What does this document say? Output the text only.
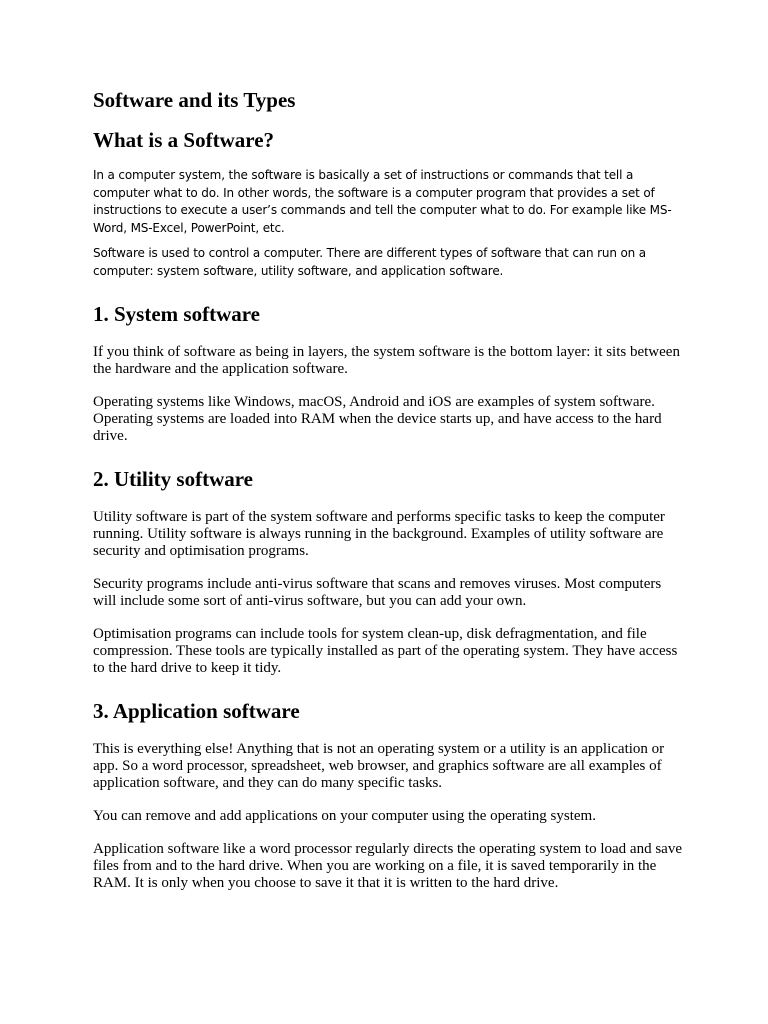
Software and its Types
What is a Software?

In a computer system, the software is basically a set of instructions or commands that tell a computer what to do. In other words, the software is a computer program that provides a set of instructions to execute a user’s commands and tell the computer what to do. For example like MS-Word, MS-Excel, PowerPoint, etc.

Software is used to control a computer. There are different types of software that can run on a computer: system software, utility software, and application software.

1. System software

If you think of software as being in layers, the system software is the bottom layer: it sits between the hardware and the application software.

Operating systems like Windows, macOS, Android and iOS are examples of system software. Operating systems are loaded into RAM when the device starts up, and have access to the hard drive.

2. Utility software

Utility software is part of the system software and performs specific tasks to keep the computer running. Utility software is always running in the background. Examples of utility software are security and optimisation programs.

Security programs include anti-virus software that scans and removes viruses. Most computers will include some sort of anti-virus software, but you can add your own.

Optimisation programs can include tools for system clean-up, disk defragmentation, and file compression. These tools are typically installed as part of the operating system. They have access to the hard drive to keep it tidy.

3. Application software

This is everything else! Anything that is not an operating system or a utility is an application or app. So a word processor, spreadsheet, web browser, and graphics software are all examples of application software, and they can do many specific tasks.

You can remove and add applications on your computer using the operating system.

Application software like a word processor regularly directs the operating system to load and save files from and to the hard drive. When you are working on a file, it is saved temporarily in the RAM. It is only when you choose to save it that it is written to the hard drive.
